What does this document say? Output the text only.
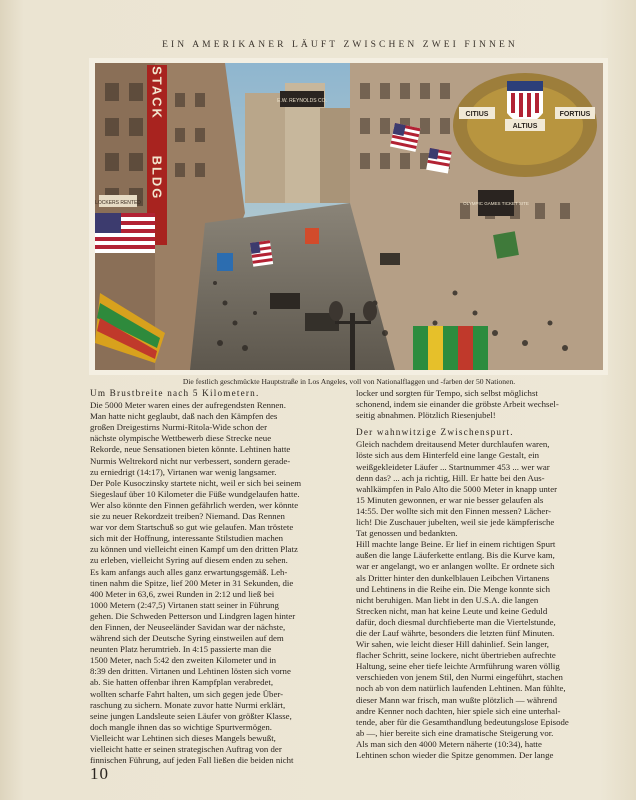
EIN AMERIKANER LÄUFT ZWISCHEN ZWEI FINNEN
STACK
BLDG
LOCKERS RENTED
E.W. REYNOLDS CO.
CITIUS	FORTIUS
ALTIUS
OLYMPIC GAMES TICKET SITE
Die festlich geschmückte Hauptstraße in Los Angeles, voll von Nationalflaggen und -farben der 50 Nationen.
Um Brustbreite nach 5 Kilometern.

Die 5000 Meter waren eines der aufregendsten Rennen.
Man hatte nicht geglaubt, daß nach den Kämpfen des
großen Dreigestirns Nurmi-Ritola-Wide schon der
nächste olympische Wettbewerb diese Strecke neue
Rekorde, neue Sensationen bieten könnte. Lehtinen hatte
Nurmis Weltrekord nicht nur verbessert, sondern gerade-
zu erniedrigt (14:17), Virtanen war wenig langsamer.
Der Pole Kusoczinsky startete nicht, weil er sich bei seinem
Siegeslauf über 10 Kilometer die Füße wundgelaufen hatte.
Wer also könnte den Finnen gefährlich werden, wer könnte
sie zu neuer Rekordzeit treiben? Niemand. Das Rennen
war vor dem Startschuß so gut wie gelaufen. Man tröstete
sich mit der Hoffnung, interessante Stilstudien machen
zu können und vielleicht einen Kampf um den dritten Platz
zu erleben, vielleicht Syring auf diesem enden zu sehen.
Es kam anfangs auch alles ganz erwartungsgemäß. Leh-
tinen nahm die Spitze, lief 200 Meter in 31 Sekunden, die
400 Meter in 63,6, zwei Runden in 2:12 und ließ bei
1000 Metern (2:47,5) Virtanen statt seiner in Führung
gehen. Die Schweden Petterson und Lindgren lagen hinter
den Finnen, der Neuseeländer Savidan war der nächste,
während sich der Deutsche Syring einstweilen auf dem
neunten Platz herumtrieb. In 4:15 passierte man die
1500 Meter, nach 5:42 den zweiten Kilometer und in
8:39 den dritten. Virtanen und Lehtinen lösten sich vorne
ab. Sie hatten offenbar ihren Kampfplan verabredet,
wollten scharfe Fahrt halten, um sich gegen jede Über-
raschung zu sichern. Monate zuvor hatte Nurmi erklärt,
seine jungen Landsleute seien Läufer von größter Klasse,
doch mangle ihnen das so wichtige Spurtvermögen.
Vielleicht war Lehtinen sich dieses Mangels bewußt,
vielleicht hatte er seinen strategischen Auftrag von der
finnischen Führung, auf jeden Fall ließen die beiden nicht

locker und sorgten für Tempo, sich selbst möglichst
schonend, indem sie einander die gröbste Arbeit wechsel-
seitig abnahmen. Plötzlich Riesenjubel!

Der wahnwitzige Zwischenspurt.

Gleich nachdem dreitausend Meter durchlaufen waren,
löste sich aus dem Hinterfeld eine lange Gestalt, ein
weißgekleideter Läufer ... Startnummer 453 ... wer war
denn das? ... ach ja richtig, Hill. Er hatte bei den Aus-
wahlkämpfen in Palo Alto die 5000 Meter in knapp unter
15 Minuten gewonnen, er war nie besser gelaufen als
14:55. Der wollte sich mit den Finnen messen? Lächer-
lich! Die Zuschauer jubelten, weil sie jede kämpferische
Tat genossen und bedankten.
Hill machte lange Beine. Er lief in einem richtigen Spurt
außen die lange Läuferkette entlang. Bis die Kurve kam,
war er angelangt, wo er anlangen wollte. Er ordnete sich
als Dritter hinter den dunkelblauen Leibchen Virtanens
und Lehtinens in die Reihe ein. Die Menge konnte sich
nicht beruhigen. Man liebt in den U.S.A. die langen
Strecken nicht, man hat keine Leute und keine Geduld
dafür, doch diesmal durchfieberte man die Viertelstunde,
die der Lauf währte, besonders die letzten fünf Minuten.
Wir sahen, wie leicht dieser Hill dahinlief. Sein langer,
flacher Schritt, seine lockere, nicht übertrieben aufrechte
Haltung, seine eher tiefe leichte Armführung waren völlig
verschieden von jenem Stil, den Nurmi eingeführt, stachen
noch ab von dem natürlich laufenden Lehtinen. Man fühlte,
dieser Mann war frisch, man wußte plötzlich — während
andre Kenner noch dachten, hier spiele sich eine unterhal-
tende, aber für die Gesamthandlung bedeutungslose Episode
ab —, hier bereite sich eine dramatische Steigerung vor.
Als man sich den 4000 Metern näherte (10:34), hatte
Lehtinen schon wieder die Spitze genommen. Der lange

10
